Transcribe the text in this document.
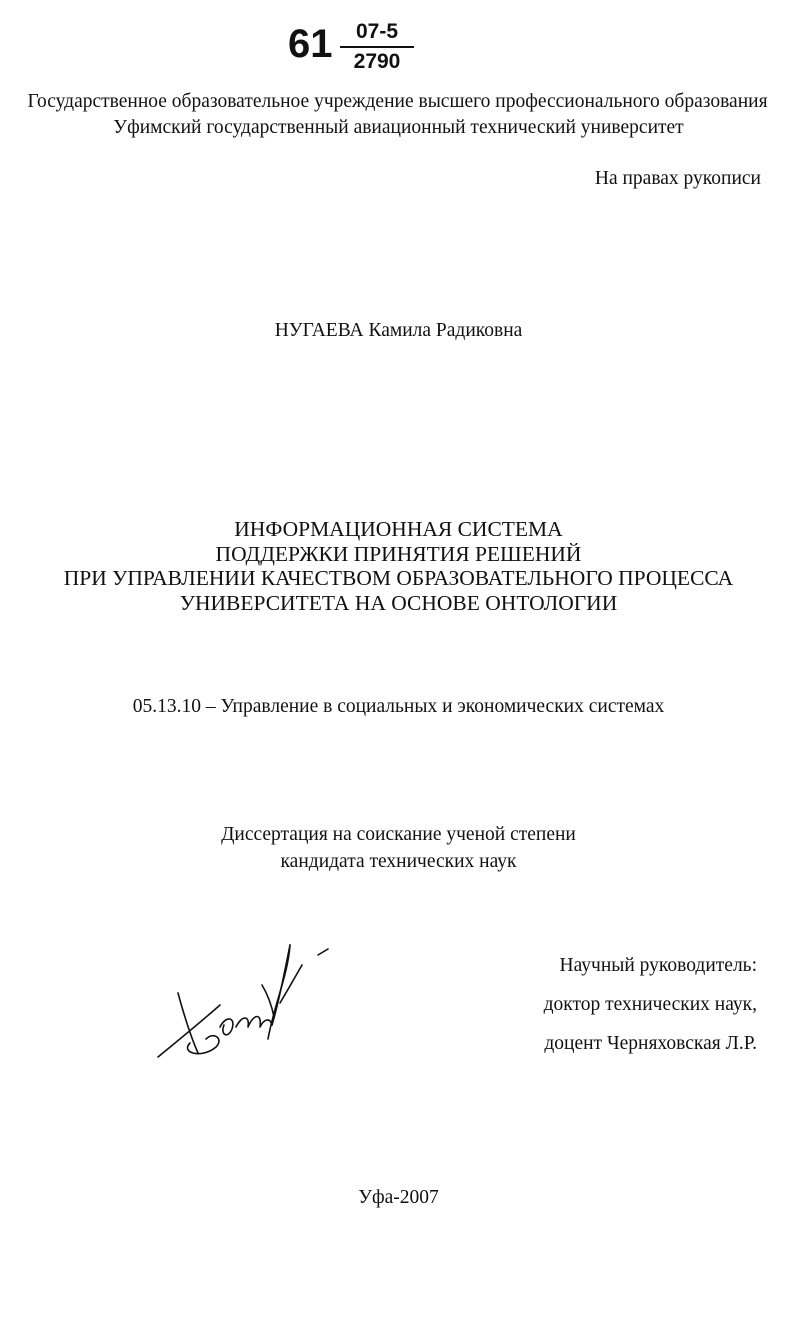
61	07-5
2790
Государственное образовательное учреждение высшего профессионального образования
Уфимский государственный авиационный технический университет
На правах рукописи
НУГАЕВА Камила Радиковна
ИНФОРМАЦИОННАЯ СИСТЕМА
ПОДДЕРЖКИ ПРИНЯТИЯ РЕШЕНИЙ
ПРИ УПРАВЛЕНИИ КАЧЕСТВОМ ОБРАЗОВАТЕЛЬНОГО ПРОЦЕССА
УНИВЕРСИТЕТА НА ОСНОВЕ ОНТОЛОГИИ
05.13.10 – Управление в социальных и экономических системах
Диссертация на соискание ученой степени
кандидата технических наук
Научный руководитель:
доктор технических наук,
доцент Черняховская Л.Р.
Уфа-2007
